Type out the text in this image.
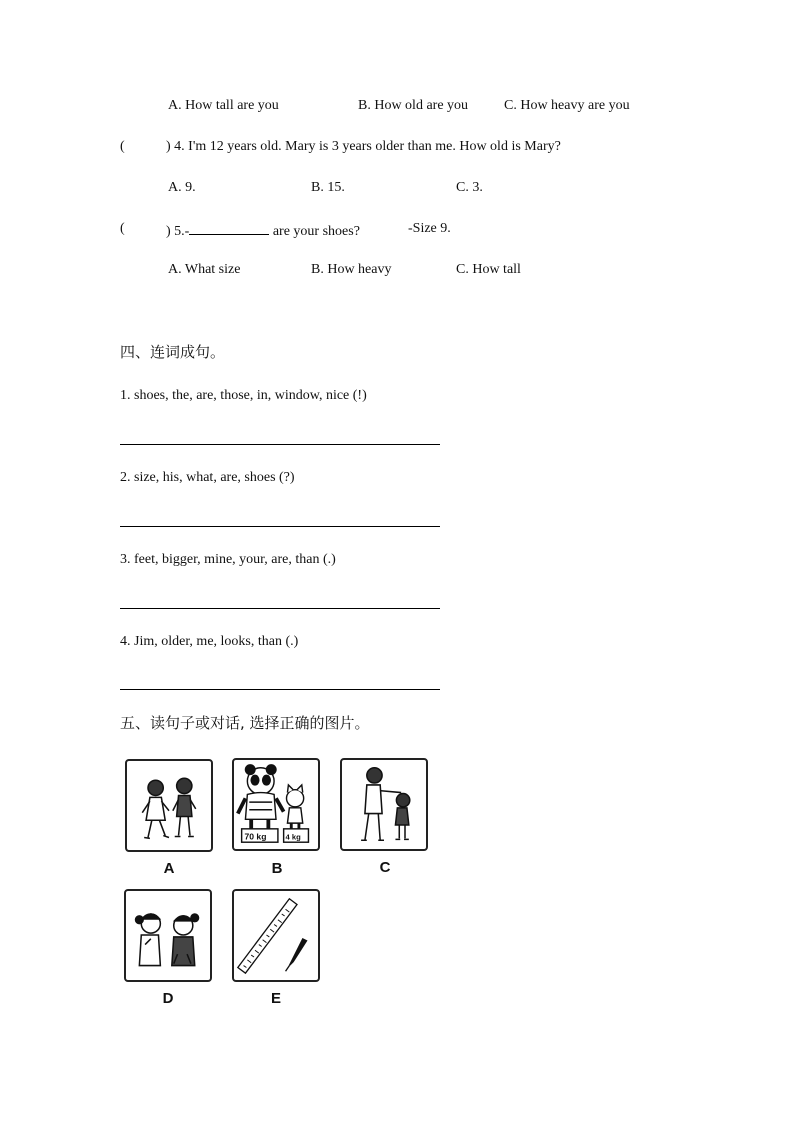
A. How tall are you	B. How old are you	C. How heavy are you
(	) 4. I'm 12 years old. Mary is 3 years older than me. How old is Mary?
A. 9.	B. 15.	C. 3.
(	) 5.-	are your shoes?	-Size 9.
A. What size	B. How heavy	C. How tall
四、连词成句。
1. shoes, the, are, those, in, window, nice (!)
2. size, his, what, are, shoes (?)
3. feet, bigger, mine, your, are, than (.)
4. Jim, older, me, looks, than (.)
五、读句子或对话, 选择正确的图片。
A
70 kg 4 kg
B	C
D	E
